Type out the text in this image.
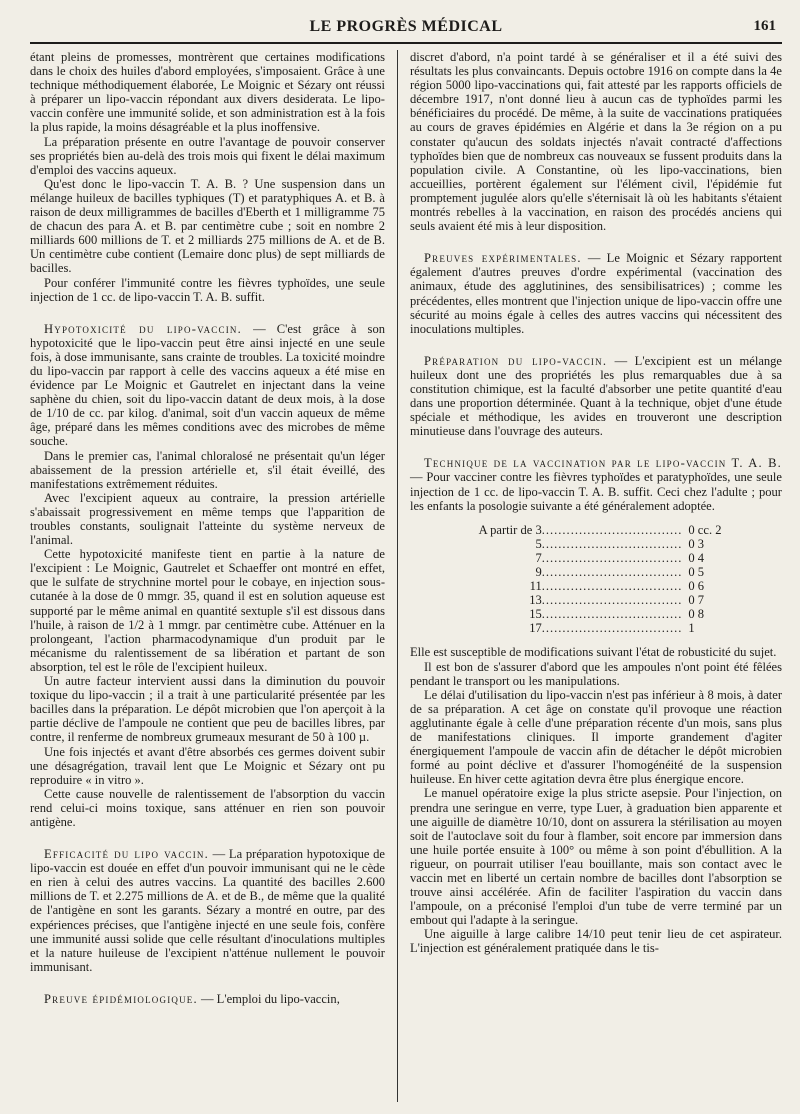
LE PROGRÈS MÉDICAL	161

étant pleins de promesses, montrèrent que certaines modifications dans le choix des huiles d'abord employées, s'imposaient. Grâce à une technique méthodiquement élaborée, Le Moignic et Sézary ont réussi à préparer un lipo-vaccin répondant aux divers desiderata. Le lipo-vaccin confère une immunité solide, et son administration est à la fois la plus rapide, la moins désagréable et la plus inoffensive.

La préparation présente en outre l'avantage de pouvoir conserver ses propriétés bien au-delà des trois mois qui fixent le délai maximum d'emploi des vaccins aqueux.

Qu'est donc le lipo-vaccin T. A. B. ? Une suspension dans un mélange huileux de bacilles typhiques (T) et paratyphiques A. et B. à raison de deux milligrammes de bacilles d'Eberth et 1 milligramme 75 de chacun des para A. et B. par centimètre cube ; soit en nombre 2 milliards 600 millions de T. et 2 milliards 275 millions de A. et de B. Un centimètre cube contient (Lemaire donc plus) de sept milliards de bacilles.

Pour conférer l'immunité contre les fièvres typhoïdes, une seule injection de 1 cc. de lipo-vaccin T. A. B. suffit.

Hypotoxicité du lipo-vaccin. — C'est grâce à son hypotoxicité que le lipo-vaccin peut être ainsi injecté en une seule fois, à dose immunisante, sans crainte de troubles. La toxicité moindre du lipo-vaccin par rapport à celle des vaccins aqueux a été mise en évidence par Le Moignic et Gautrelet en injectant dans la veine saphène du chien, soit du lipo-vaccin datant de deux mois, à la dose de 1/10 de cc. par kilog. d'animal, soit d'un vaccin aqueux de même âge, préparé dans les mêmes conditions avec des microbes de même souche.

Dans le premier cas, l'animal chloralosé ne présentait qu'un léger abaissement de la pression artérielle et, s'il était éveillé, des manifestations extrêmement réduites.

Avec l'excipient aqueux au contraire, la pression artérielle s'abaissait progressivement en même temps que l'apparition de troubles constants, soulignait l'atteinte du système nerveux de l'animal.

Cette hypotoxicité manifeste tient en partie à la nature de l'excipient : Le Moignic, Gautrelet et Schaeffer ont montré en effet, que le sulfate de strychnine mortel pour le cobaye, en injection sous-cutanée à la dose de 0 mmgr. 35, quand il est en solution aqueuse est supporté par le même animal en quantité sextuple s'il est dissous dans l'huile, à raison de 1/2 à 1 mmgr. par centimètre cube. Atténuer en la prolongeant, l'action pharmacodynamique d'un produit par le mécanisme du ralentissement de sa libération et partant de son absorption, tel est le rôle de l'excipient huileux.

Un autre facteur intervient aussi dans la diminution du pouvoir toxique du lipo-vaccin ; il a trait à une particularité présentée par les bacilles dans la préparation. Le dépôt microbien que l'on aperçoit à la partie déclive de l'ampoule ne contient que peu de bacilles libres, par contre, il renferme de nombreux grumeaux mesurant de 50 à 100 µ.

Une fois injectés et avant d'être absorbés ces germes doivent subir une désagrégation, travail lent que Le Moignic et Sézary ont pu reproduire « in vitro ».

Cette cause nouvelle de ralentissement de l'absorption du vaccin rend celui-ci moins toxique, sans atténuer en rien son pouvoir antigène.

Efficacité du lipo vaccin. — La préparation hypotoxique de lipo-vaccin est douée en effet d'un pouvoir immunisant qui ne le cède en rien à celui des autres vaccins. La quantité des bacilles 2.600 millions de T. et 2.275 millions de A. et de B., de même que la qualité de l'antigène en sont les garants. Sézary a montré en outre, par des expériences précises, que l'antigène injecté en une seule fois, confère une immunité aussi solide que celle résultant d'inoculations multiples et la nature huileuse de l'excipient n'atténue nullement le pouvoir immunisant.

Preuve épidémiologique. — L'emploi du lipo-vaccin,

discret d'abord, n'a point tardé à se généraliser et il a été suivi des résultats les plus convaincants. Depuis octobre 1916 on compte dans la 4e région 5000 lipo-vaccinations qui, fait attesté par les rapports officiels de décembre 1917, n'ont donné lieu à aucun cas de typhoïdes parmi les bénéficiaires du procédé. De même, à la suite de vaccinations pratiquées au cours de graves épidémies en Algérie et dans la 3e région on a pu constater qu'aucun des soldats injectés n'avait contracté d'affections typhoïdes bien que de nombreux cas nouveaux se fussent produits dans la population civile. A Constantine, où les lipo-vaccinations, bien accueillies, portèrent également sur l'élément civil, l'épidémie fut promptement jugulée alors qu'elle s'éternisait là où les habitants s'étaient montrés rebelles à la vaccination, en raison des procédés anciens qui seuls avaient été mis à leur disposition.

Preuves expérimentales. — Le Moignic et Sézary rapportent également d'autres preuves d'ordre expérimental (vaccination des animaux, étude des agglutinines, des sensibilisatrices) ; comme les précédentes, elles montrent que l'injection unique de lipo-vaccin offre une sécurité au moins égale à celles des autres vaccins qui nécessitent des inoculations multiples.

Préparation du lipo-vaccin. — L'excipient est un mélange huileux dont une des propriétés les plus remarquables due à sa constitution chimique, est la faculté d'absorber une petite quantité d'eau dans une proportion déterminée. Quant à la technique, objet d'une étude spéciale et méthodique, les avides en trouveront une description minutieuse dans l'ouvrage des auteurs.

Technique de la vaccination par le lipo-vaccin T. A. B. — Pour vacciner contre les fièvres typhoïdes et paratyphoïdes, une seule injection de 1 cc. de lipo-vaccin T. A. B. suffit. Ceci chez l'adulte ; pour les enfants la posologie suivante a été généralement adoptée.

A partir de 3 .................................. 0 cc. 2
5 .................................. 0 3
7 .................................. 0 4
9 .................................. 0 5
11 .................................. 0 6
13 .................................. 0 7
15 .................................. 0 8
17 .................................. 1

Elle est susceptible de modifications suivant l'état de robusticité du sujet.

Il est bon de s'assurer d'abord que les ampoules n'ont point été fêlées pendant le transport ou les manipulations.

Le délai d'utilisation du lipo-vaccin n'est pas inférieur à 8 mois, à dater de sa préparation. A cet âge on constate qu'il provoque une réaction agglutinante égale à celle d'une préparation récente d'un mois, sans plus de manifestations cliniques. Il importe grandement d'agiter énergiquement l'ampoule de vaccin afin de détacher le dépôt microbien formé au point déclive et d'assurer l'homogénéité de la suspension huileuse. En hiver cette agitation devra être plus énergique encore.

Le manuel opératoire exige la plus stricte asepsie. Pour l'injection, on prendra une seringue en verre, type Luer, à graduation bien apparente et une aiguille de diamètre 10/10, dont on assurera la stérilisation au moyen soit de l'autoclave soit du four à flamber, soit encore par immersion dans une huile portée ensuite à 100° ou même à son point d'ébullition. A la rigueur, on pourrait utiliser l'eau bouillante, mais son contact avec le vaccin met en liberté un certain nombre de bacilles dont l'absorption se trouve ainsi accélérée. Afin de faciliter l'aspiration du vaccin dans l'ampoule, on a préconisé l'emploi d'un tube de verre terminé par un embout qui l'adapte à la seringue.

Une aiguille à large calibre 14/10 peut tenir lieu de cet aspirateur. L'injection est généralement pratiquée dans le tis-
